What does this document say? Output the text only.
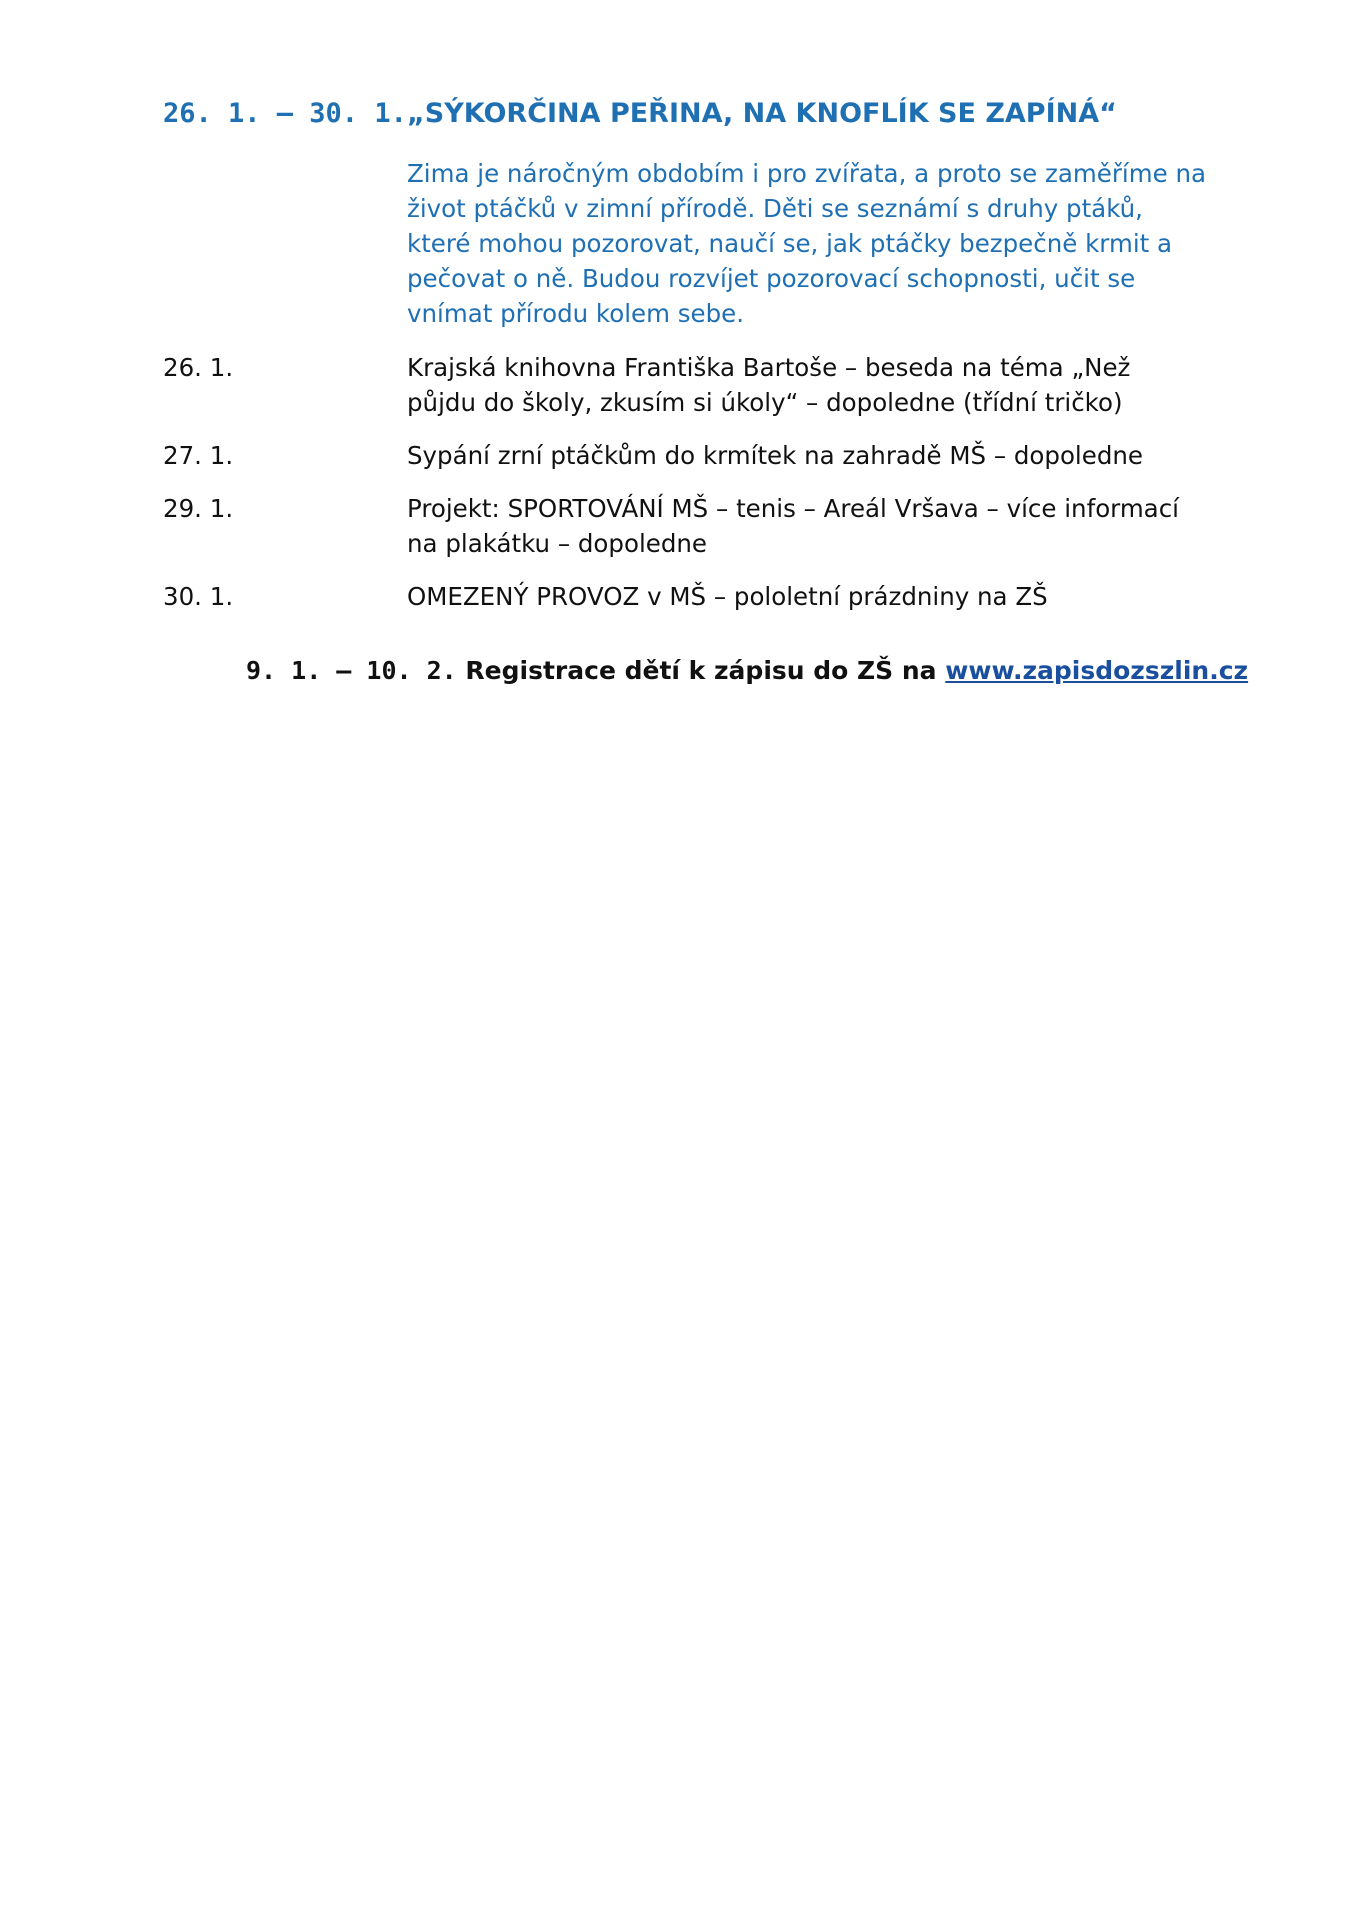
26. 1. – 30. 1. „SÝKORČINA PEŘINA, NA KNOFLÍK SE ZAPÍNÁ“
Zima je náročným obdobím i pro zvířata, a proto se zaměříme na život ptáčků v zimní přírodě. Děti se seznámí s druhy ptáků, které mohou pozorovat, naučí se, jak ptáčky bezpečně krmit a pečovat o ně. Budou rozvíjet pozorovací schopnosti, učit se vnímat přírodu kolem sebe.
26. 1.	Krajská knihovna Františka Bartoše – beseda na téma „Než půjdu do školy, zkusím si úkoly“ – dopoledne (třídní tričko)
27. 1.	Sypání zrní ptáčkům do krmítek na zahradě MŠ – dopoledne
29. 1.	Projekt: SPORTOVÁNÍ MŠ – tenis – Areál Vršava – více informací na plakátku – dopoledne
30. 1.	OMEZENÝ PROVOZ v MŠ – pololetní prázdniny na ZŠ
9. 1. – 10. 2. Registrace dětí k zápisu do ZŠ na www.zapisdozszlin.cz
